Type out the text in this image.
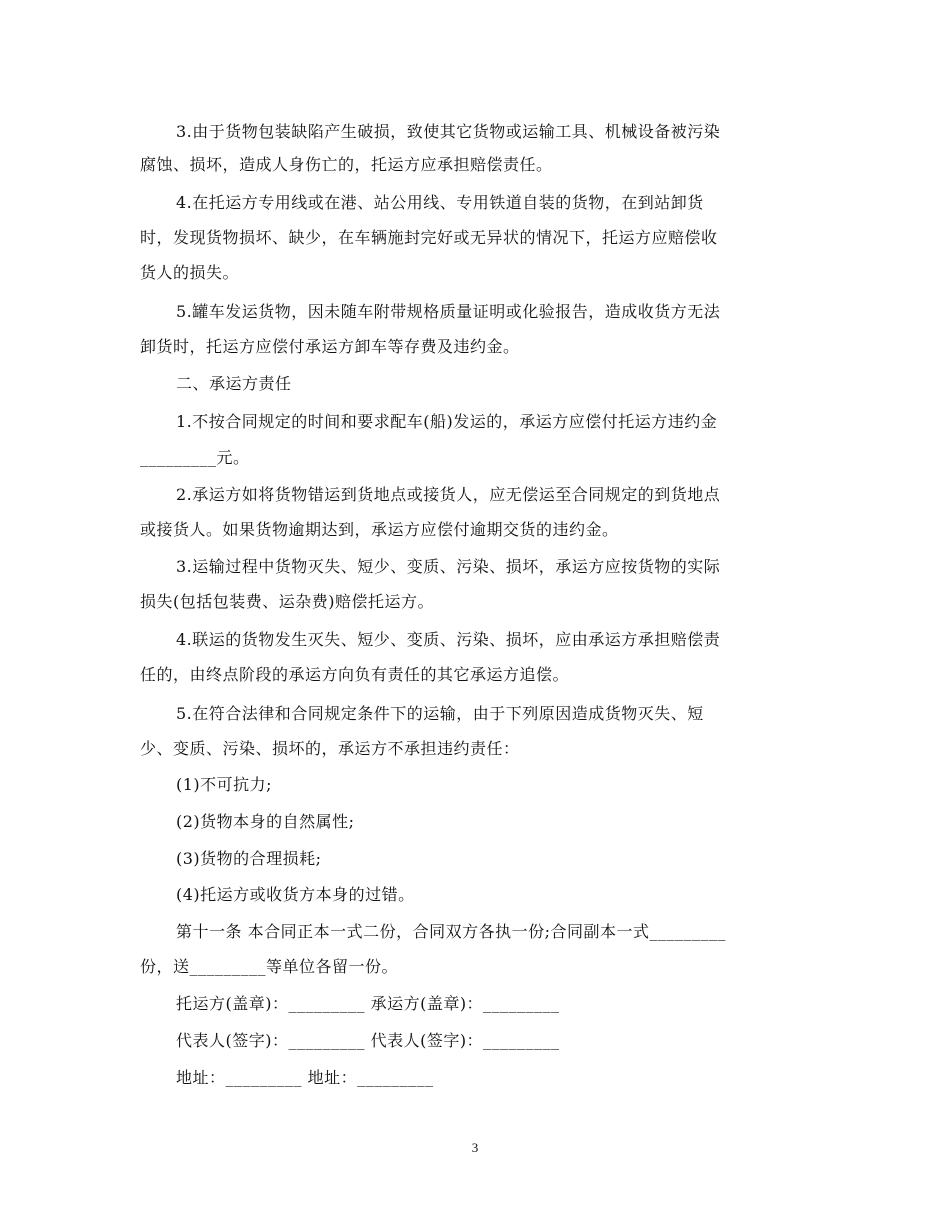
3.由于货物包装缺陷产生破损，致使其它货物或运输工具、机械设备被污染
腐蚀、损坏，造成人身伤亡的，托运方应承担赔偿责任。
4.在托运方专用线或在港、站公用线、专用铁道自装的货物，在到站卸货
时，发现货物损坏、缺少，在车辆施封完好或无异状的情况下，托运方应赔偿收
货人的损失。
5.罐车发运货物，因未随车附带规格质量证明或化验报告，造成收货方无法
卸货时，托运方应偿付承运方卸车等存费及违约金。
二、承运方责任
1.不按合同规定的时间和要求配车(船)发运的，承运方应偿付托运方违约金
_________元。
2.承运方如将货物错运到货地点或接货人，应无偿运至合同规定的到货地点
或接货人。如果货物逾期达到，承运方应偿付逾期交货的违约金。
3.运输过程中货物灭失、短少、变质、污染、损坏，承运方应按货物的实际
损失(包括包装费、运杂费)赔偿托运方。
4.联运的货物发生灭失、短少、变质、污染、损坏，应由承运方承担赔偿责
任的，由终点阶段的承运方向负有责任的其它承运方追偿。
5.在符合法律和合同规定条件下的运输，由于下列原因造成货物灭失、短
少、变质、污染、损坏的，承运方不承担违约责任：
(1)不可抗力;
(2)货物本身的自然属性;
(3)货物的合理损耗;
(4)托运方或收货方本身的过错。
第十一条 本合同正本一式二份，合同双方各执一份;合同副本一式_________
份，送_________等单位各留一份。
托运方(盖章)：_________ 承运方(盖章)：_________
代表人(签字)：_________ 代表人(签字)：_________
地址：_________ 地址：_________
3
